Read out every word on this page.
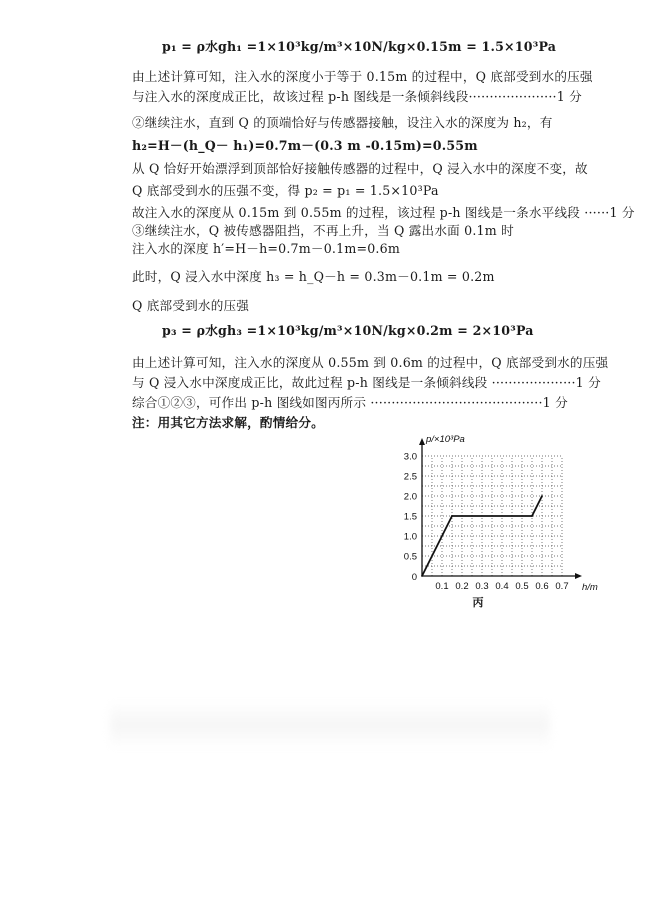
p₁ = ρ水gh₁ =1×10³kg/m³×10N/kg×0.15m = 1.5×10³Pa
由上述计算可知，注入水的深度小于等于 0.15m 的过程中，Q 底部受到水的压强
与注入水的深度成正比，故该过程 p-h 图线是一条倾斜线段·····················1 分
②继续注水，直到 Q 的顶端恰好与传感器接触，设注入水的深度为 h₂，有
h₂=H－(h_Q－ h₁)=0.7m－(0.3 m -0.15m)=0.55m
从 Q 恰好开始漂浮到顶部恰好接触传感器的过程中，Q 浸入水中的深度不变，故
Q 底部受到水的压强不变，得 p₂ = p₁ = 1.5×10³Pa
故注入水的深度从 0.15m 到 0.55m 的过程，该过程 p-h 图线是一条水平线段 ······1 分
③继续注水，Q 被传感器阻挡，不再上升，当 Q 露出水面 0.1m 时
注入水的深度 h′=H－h=0.7m－0.1m=0.6m
此时，Q 浸入水中深度 h₃ = h_Q－h = 0.3m－0.1m = 0.2m
Q 底部受到水的压强
p₃ = ρ水gh₃ =1×10³kg/m³×10N/kg×0.2m = 2×10³Pa
由上述计算可知，注入水的深度从 0.55m 到 0.6m 的过程中，Q 底部受到水的压强
与 Q 浸入水中深度成正比，故此过程 p-h 图线是一条倾斜线段 ····················1 分
综合①②③，可作出 p-h 图线如图丙所示 ·········································1 分
注：用其它方法求解，酌情给分。
0.1 0.2 0.3 0.4 0.5 0.6 0.7
0.5
1.0
1.5
2.0
2.5
3.0
0
p/×10³Pa
h/m
丙
